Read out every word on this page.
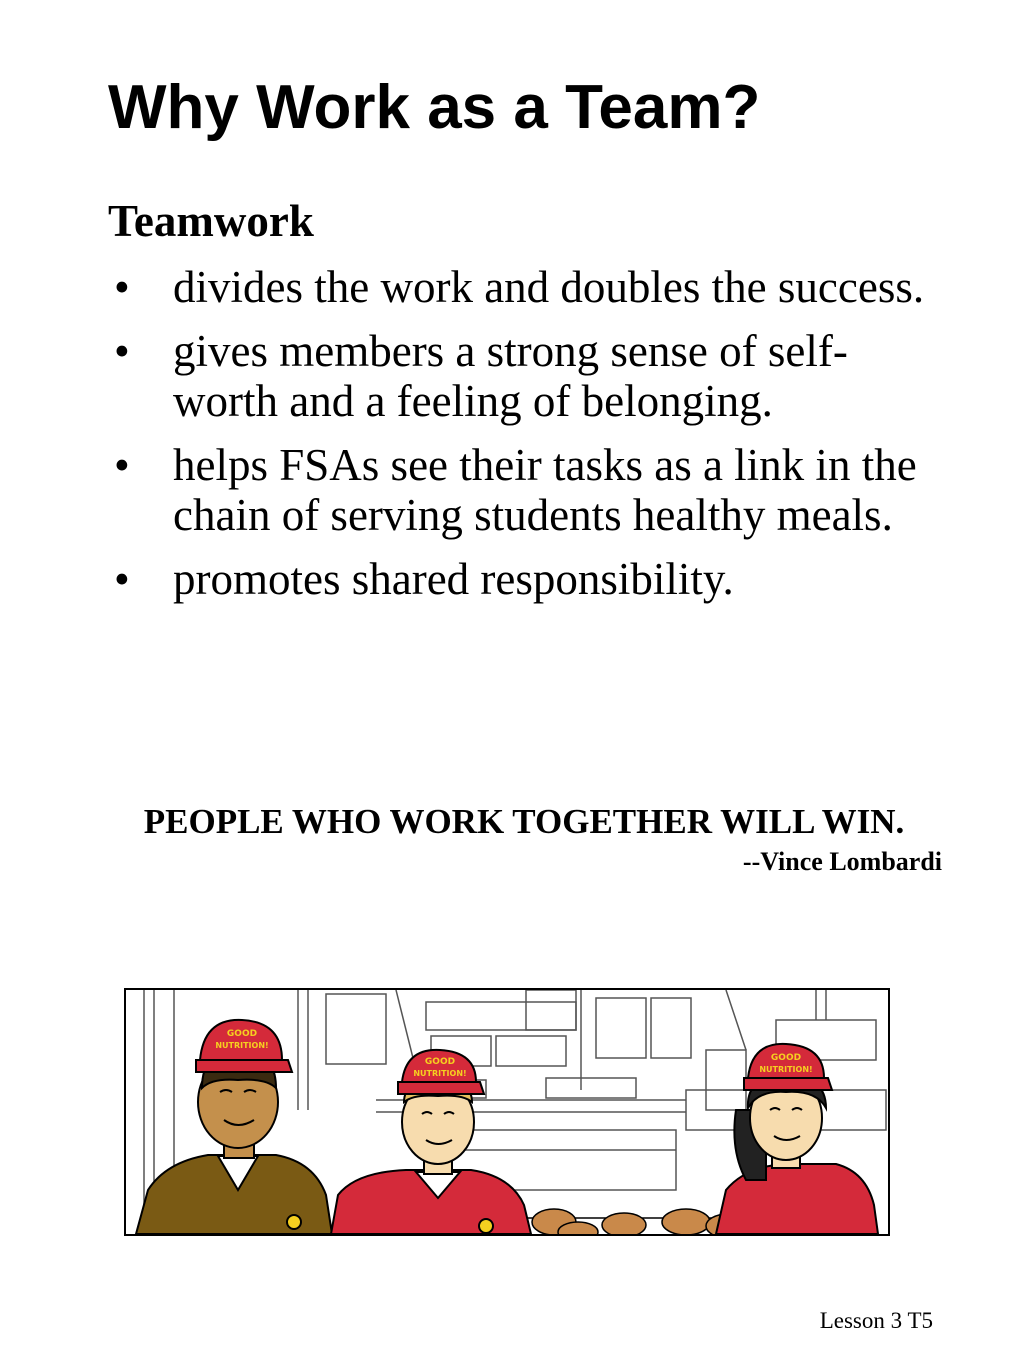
Why Work as a Team?
Teamwork
• divides the work and doubles the success.
• gives members a strong sense of self-worth and a feeling of belonging.
• helps FSAs see their tasks as a link in the chain of serving students healthy meals.
• promotes shared responsibility.

PEOPLE WHO WORK TOGETHER WILL WIN.

--Vince Lombardi

GOOD
NUTRITION!
GOOD
NUTRITION!
GOOD
NUTRITION!

Lesson 3 T5
